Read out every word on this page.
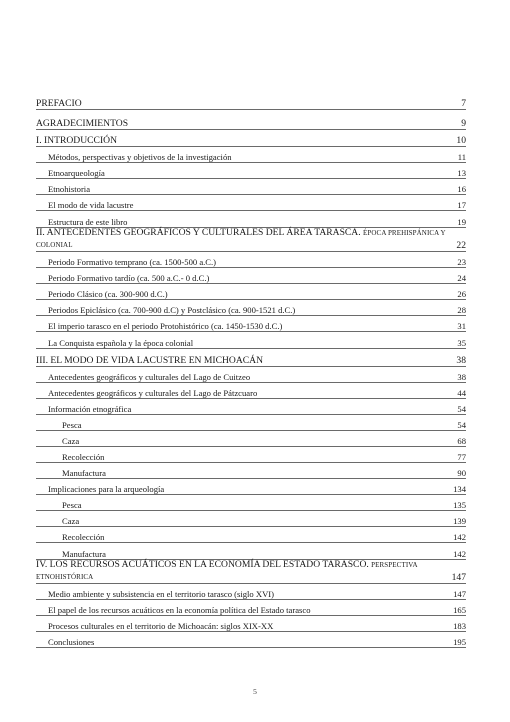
PREFACIO	7
AGRADECIMIENTOS	9
I. INTRODUCCIÓN	10
Métodos, perspectivas y objetivos de la investigación	11
Etnoarqueología	13
Etnohistoria	16
El modo de vida lacustre	17
Estructura de este libro	19
II. ANTECEDENTES GEOGRÁFICOS Y CULTURALES DEL ÁREA TARASCA. ÉPOCA PREHISPÁNICA Y COLONIAL	22
Periodo Formativo temprano (ca. 1500-500 a.C.)	23
Periodo Formativo tardío (ca. 500 a.C.- 0 d.C.)	24
Periodo Clásico (ca. 300-900 d.C.)	26
Periodos Epiclásico (ca. 700-900 d.C) y Postclásico (ca. 900-1521 d.C.)	28
El imperio tarasco en el periodo Protohistórico (ca. 1450-1530 d.C.)	31
La Conquista española y la época colonial	35
III. EL MODO DE VIDA LACUSTRE EN MICHOACÁN	38
Antecedentes geográficos y culturales del Lago de Cuitzeo	38
Antecedentes geográficos y culturales del Lago de Pátzcuaro	44
Información etnográfica	54
Pesca	54
Caza	68
Recolección	77
Manufactura	90
Implicaciones para la arqueología	134
Pesca	135
Caza	139
Recolección	142
Manufactura	142
IV. LOS RECURSOS ACUÁTICOS EN LA ECONOMÍA DEL ESTADO TARASCO. PERSPECTIVA ETNOHISTÓRICA	147
Medio ambiente y subsistencia en el territorio tarasco (siglo XVI)	147
El papel de los recursos acuáticos en la economía política del Estado tarasco	165
Procesos culturales en el territorio de Michoacán: siglos XIX-XX	183
Conclusiones	195
5
